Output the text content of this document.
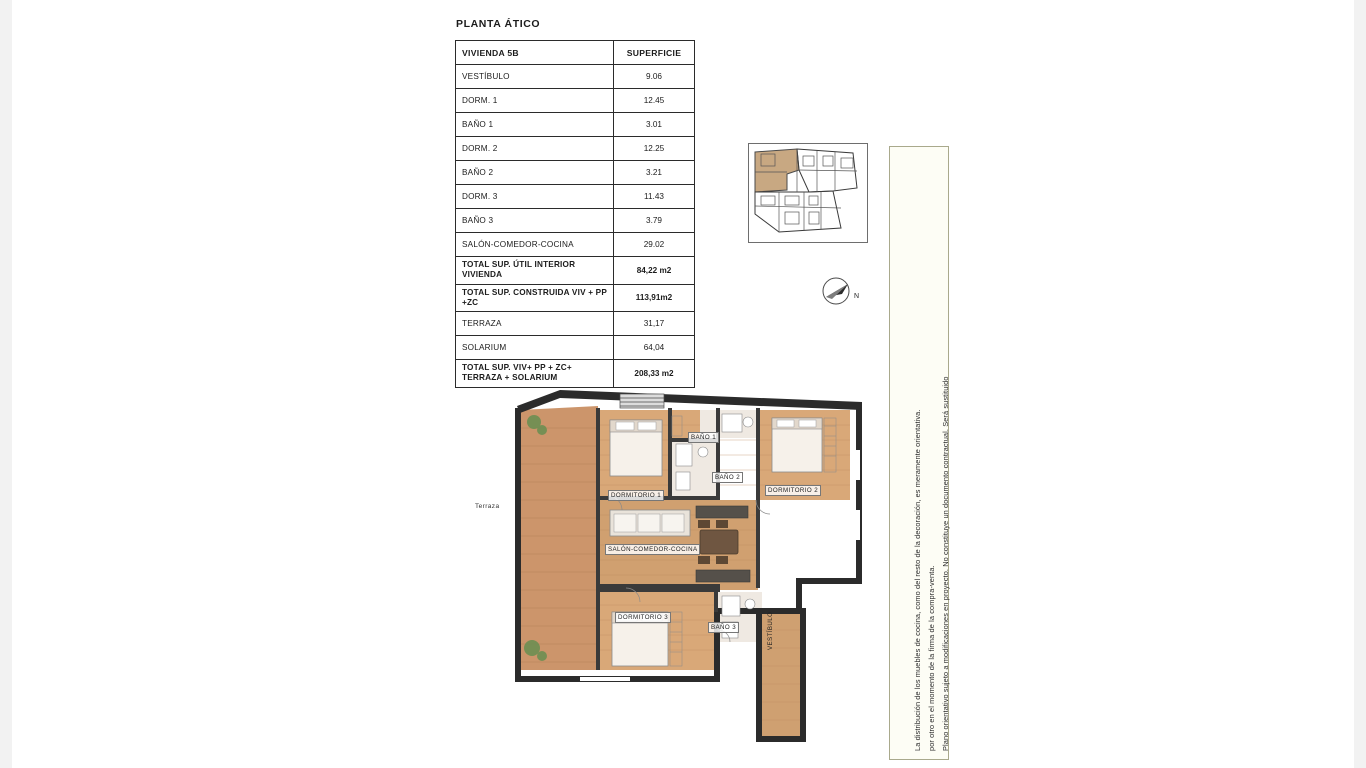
PLANTA ÁTICO
VIVIENDA 5B	SUPERFICIE
VESTÍBULO	9.06
DORM. 1	12.45
BAÑO 1	3.01
DORM. 2	12.25
BAÑO 2	3.21
DORM. 3	11.43
BAÑO 3	3.79
SALÓN-COMEDOR-COCINA	29.02
TOTAL SUP. ÚTIL INTERIOR VIVIENDA	84,22 m2
TOTAL SUP. CONSTRUIDA VIV + PP +ZC	113,91m2
TERRAZA	31,17
SOLARIUM	64,04
TOTAL SUP. VIV+ PP + ZC+ TERRAZA + SOLARIUM	208,33 m2
N
Plano orientativo sujeto a modificaciones en proyecto. No constituye un documento contractual. Será sustituido
por otro en el momento de la firma de la compra-venta.
La distribución de los muebles de cocina, como del resto de la decoración, es meramente orientativa.
Terraza
DORMITORIO 1
BAÑO 1
BAÑO 2
DORMITORIO 2
SALÓN-COMEDOR-COCINA
DORMITORIO 3
BAÑO 3	VESTÍBULO
